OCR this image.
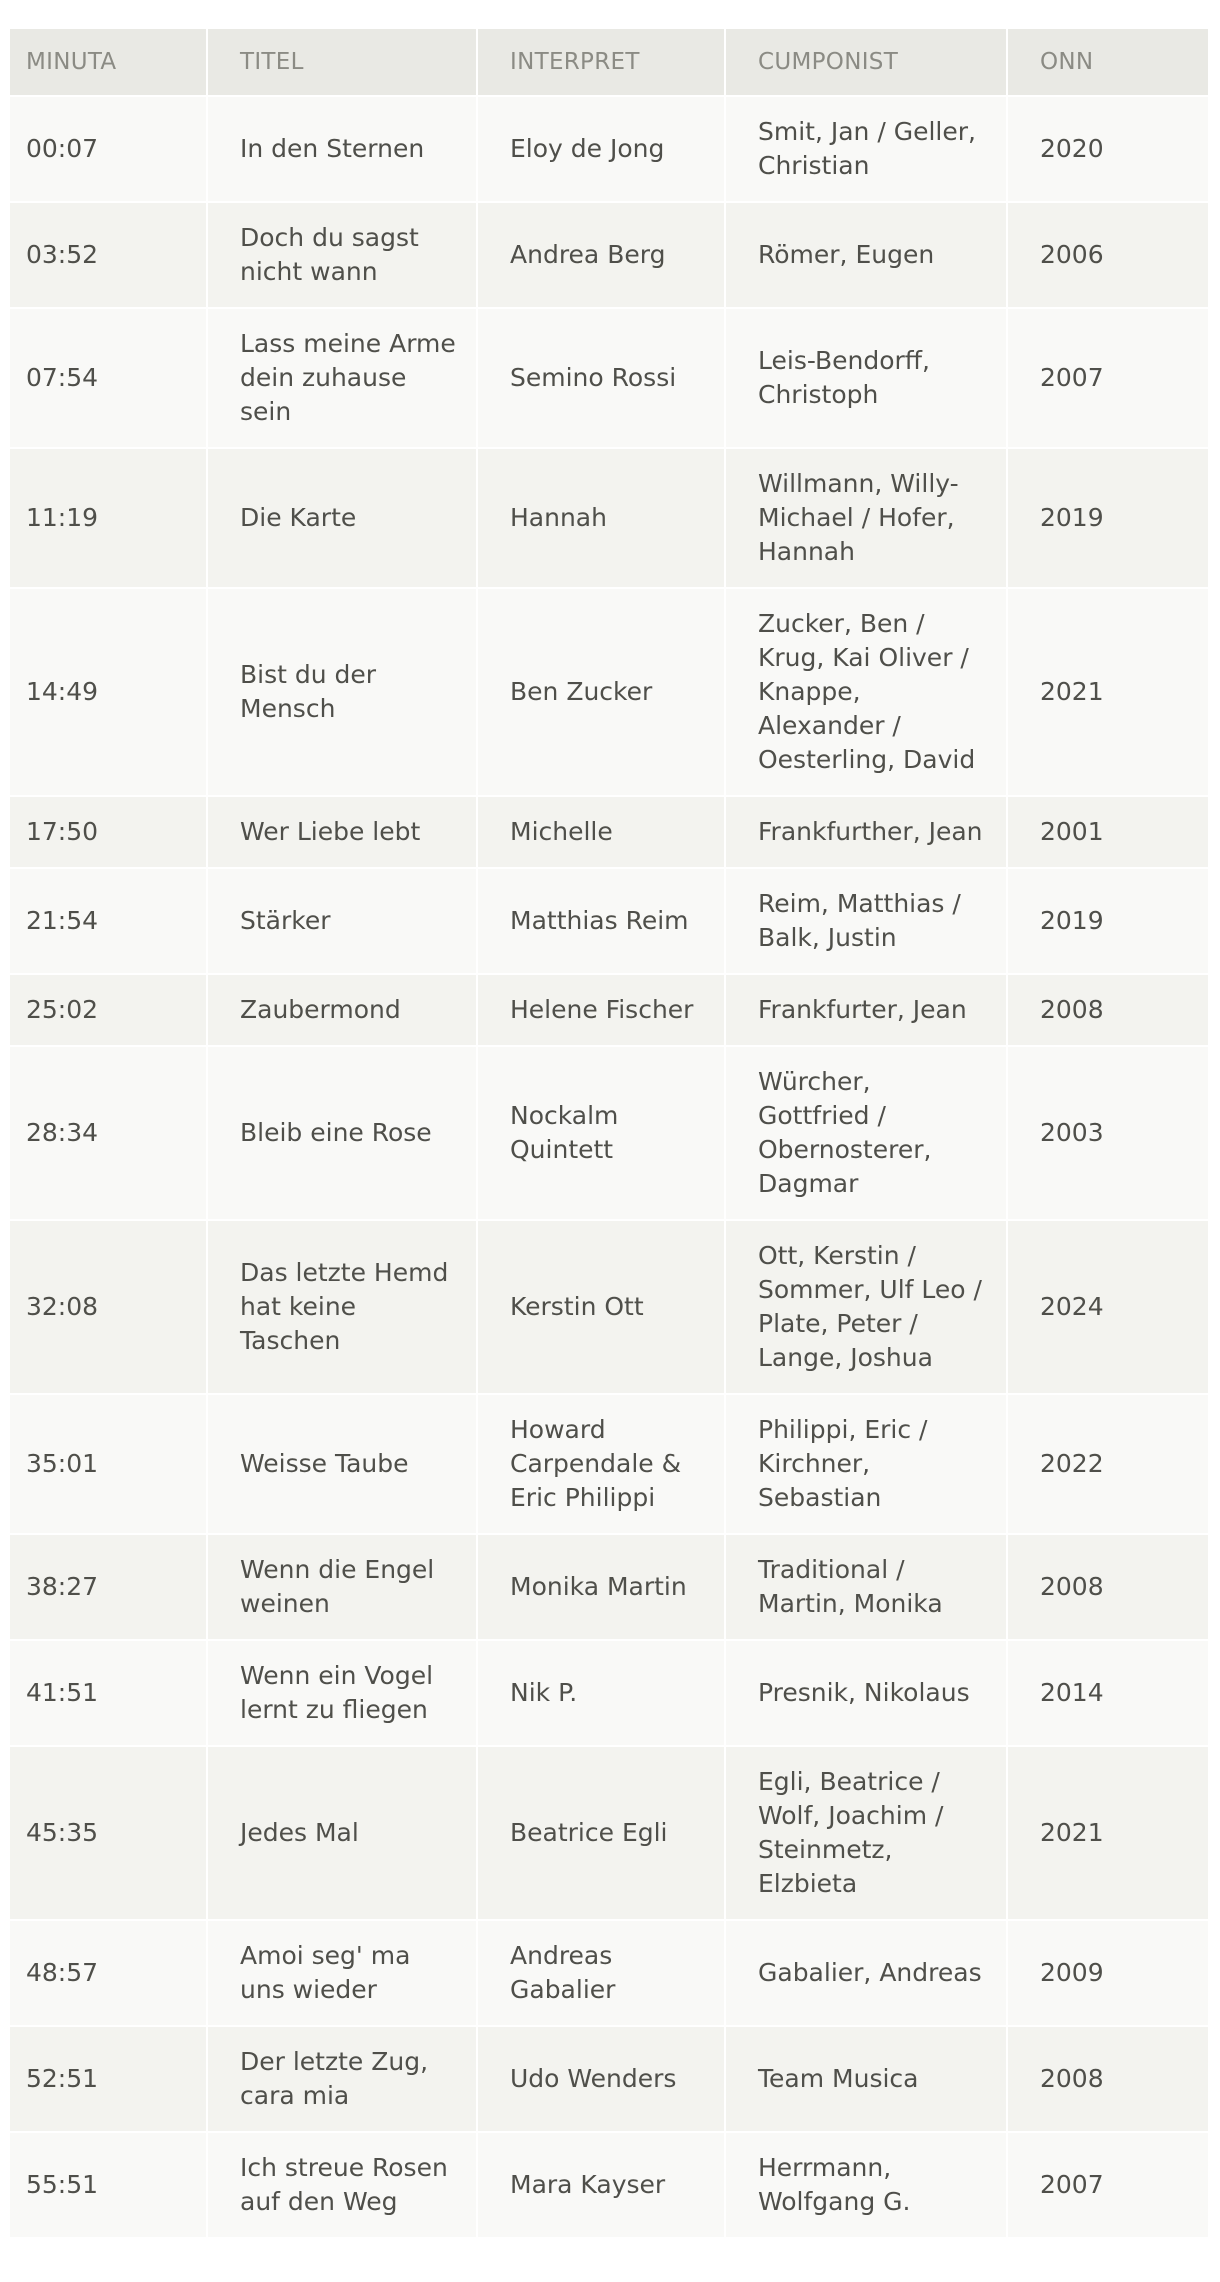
MINUTA	TITEL	INTERPRET	CUMPONIST	ONN
00:07	In den Sternen	Eloy de Jong	Smit, Jan / Geller, Christian	2020
03:52	Doch du sagst nicht wann	Andrea Berg	Römer, Eugen	2006
07:54	Lass meine Arme dein zuhause sein	Semino Rossi	Leis-Bendorff, Christoph	2007
11:19	Die Karte	Hannah	Willmann, Willy-Michael / Hofer, Hannah	2019
14:49	Bist du der Mensch	Ben Zucker	Zucker, Ben / Krug, Kai Oliver / Knappe, Alexander / Oesterling, David	2021
17:50	Wer Liebe lebt	Michelle	Frankfurther, Jean	2001
21:54	Stärker	Matthias Reim	Reim, Matthias / Balk, Justin	2019
25:02	Zaubermond	Helene Fischer	Frankfurter, Jean	2008
28:34	Bleib eine Rose	Nockalm Quintett	Würcher, Gottfried / Obernosterer, Dagmar	2003
32:08	Das letzte Hemd hat keine Taschen	Kerstin Ott	Ott, Kerstin / Sommer, Ulf Leo / Plate, Peter / Lange, Joshua	2024
35:01	Weisse Taube	Howard Carpendale & Eric Philippi	Philippi, Eric / Kirchner, Sebastian	2022
38:27	Wenn die Engel weinen	Monika Martin	Traditional / Martin, Monika	2008
41:51	Wenn ein Vogel lernt zu fliegen	Nik P.	Presnik, Nikolaus	2014
45:35	Jedes Mal	Beatrice Egli	Egli, Beatrice / Wolf, Joachim / Steinmetz, Elzbieta	2021
48:57	Amoi seg' ma uns wieder	Andreas Gabalier	Gabalier, Andreas	2009
52:51	Der letzte Zug, cara mia	Udo Wenders	Team Musica	2008
55:51	Ich streue Rosen auf den Weg	Mara Kayser	Herrmann, Wolfgang G.	2007
